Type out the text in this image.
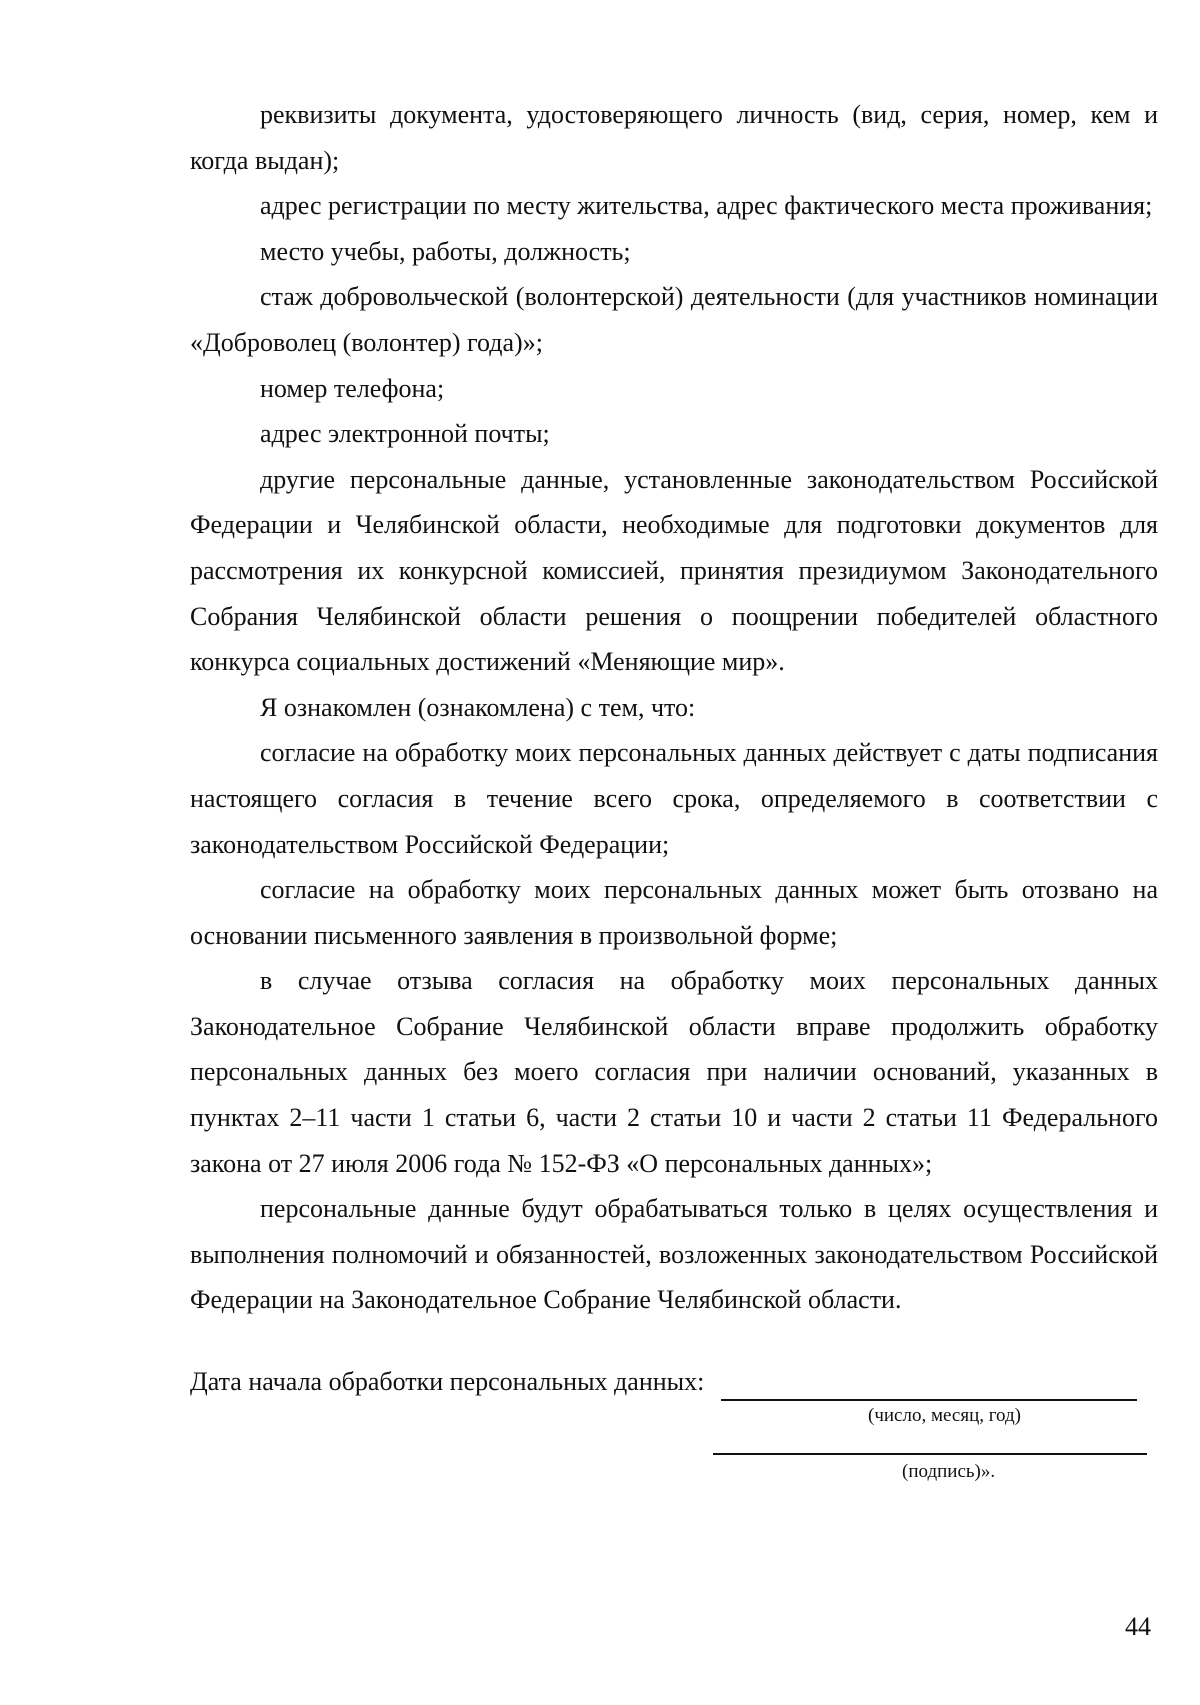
реквизиты документа, удостоверяющего личность (вид, серия, номер, кем и когда выдан);

адрес регистрации по месту жительства, адрес фактического места проживания;

место учебы, работы, должность;

стаж добровольческой (волонтерской) деятельности (для участников номинации «Доброволец (волонтер) года)»;

номер телефона;

адрес электронной почты;

другие персональные данные, установленные законодательством Российской Федерации и Челябинской области, необходимые для подготовки документов для рассмотрения их конкурсной комиссией, принятия президиумом Законодательного Собрания Челябинской области решения о поощрении победителей областного конкурса социальных достижений «Меняющие мир».

Я ознакомлен (ознакомлена) с тем, что:

согласие на обработку моих персональных данных действует с даты подписания настоящего согласия в течение всего срока, определяемого в соответствии с законодательством Российской Федерации;

согласие на обработку моих персональных данных может быть отозвано на основании письменного заявления в произвольной форме;

в случае отзыва согласия на обработку моих персональных данных Законодательное Собрание Челябинской области вправе продолжить обработку персональных данных без моего согласия при наличии оснований, указанных в пунктах 2–11 части 1 статьи 6, части 2 статьи 10 и части 2 статьи 11 Федерального закона от 27 июля 2006 года № 152-ФЗ «О персональных данных»;

персональные данные будут обрабатываться только в целях осуществления и выполнения полномочий и обязанностей, возложенных законодательством Российской Федерации на Законодательное Собрание Челябинской области.

Дата начала обработки персональных данных:
(число, месяц, год)
(подпись)».
44
